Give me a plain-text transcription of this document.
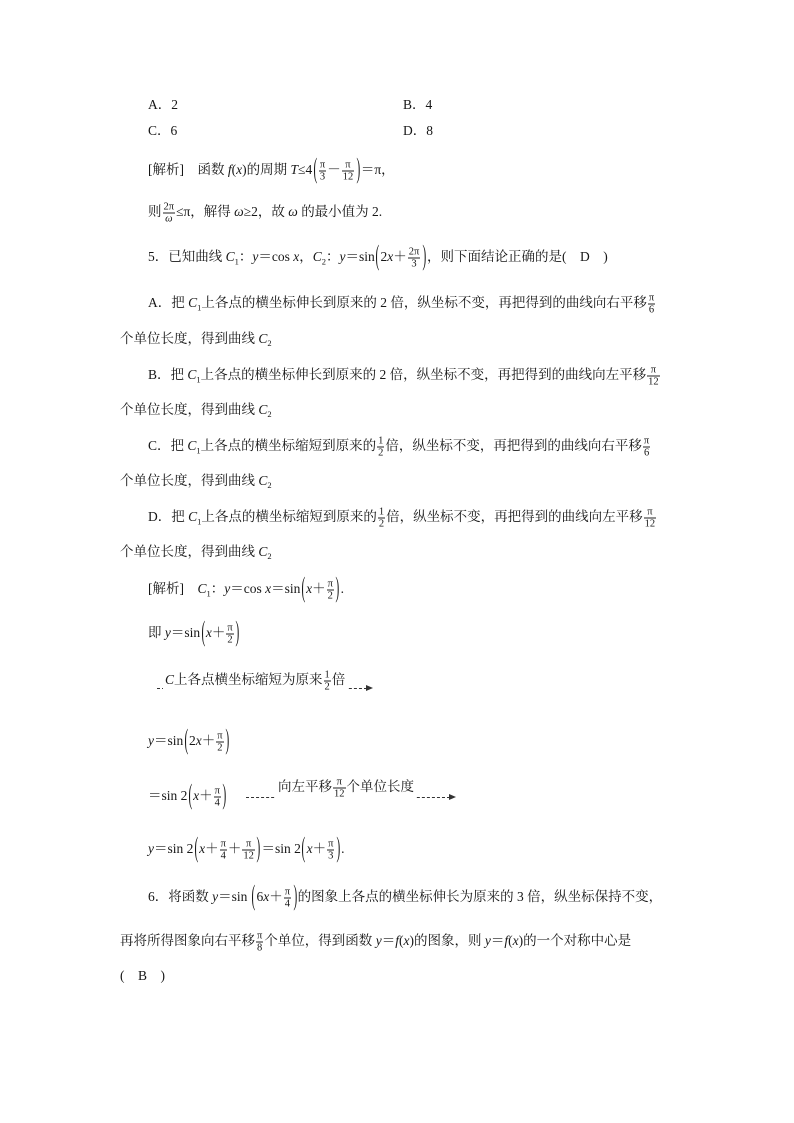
A．2	B．4
C．6	D．8
[解析]　函数 f(x)的周期 $T\le 4( \frac{\pi}{3} - \frac{\pi}{12} )=\pi$，
则 $\frac{2\pi}{\omega} \le\pi$，解得 ω≥2，故 ω 的最小值为 2.
5．已知曲线 $C_1$：y＝cos x，$C_2$：$y=\sin(2x+ \frac{2\pi}{3}$ )，则下面结论正确的是(　D　)
A．把 $C_1$上各点的横坐标伸长到原来的 2 倍，纵坐标不变，再把得到的曲线向右平移 $\frac{\pi}{6}$
个单位长度，得到曲线 $C_2$
B．把 $C_1$上各点的横坐标伸长到原来的 2 倍，纵坐标不变，再把得到的曲线向左平移 $\frac{\pi}{12}$
个单位长度，得到曲线 $C_2$
C．把 $C_1$上各点的横坐标缩短到原来的 $\frac{1}{2}$ 倍，纵坐标不变，再把得到的曲线向右平移 $\frac{\pi}{6}$
个单位长度，得到曲线 $C_2$
D．把 $C_1$上各点的横坐标缩短到原来的 $\frac{1}{2}$ 倍，纵坐标不变，再把得到的曲线向左平移 $\frac{\pi}{12}$
个单位长度，得到曲线 $C_2$
[解析]　$C_1$：y＝cos $x=\sin(x+ \frac{\pi}{2}$ ).
即 $y=\sin(x+ \frac{\pi}{2}$ )
C上各点横坐标缩短为原来 $\frac{1}{2}$ 倍
$y=\sin(2x+ \frac{\pi}{2}$ )
＝sin $2(x+ \frac{\pi}{4}$ )	向左平移 $\frac{\pi}{12}$ 个单位长度
y＝sin $2(x+ \frac{\pi}{4} + \frac{\pi}{12} )=\sin$ $2(x+ \frac{\pi}{3}$ ).
6．将函数 y＝sin ($6x+ \frac{\pi}{4}$ )的图象上各点的横坐标伸长为原来的 3 倍，纵坐标保持不变，
再将所得图象向右平移 $\frac{\pi}{8}$ 个单位，得到函数 y＝f(x)的图象，则 y＝f(x)的一个对称中心是
(　B　)
